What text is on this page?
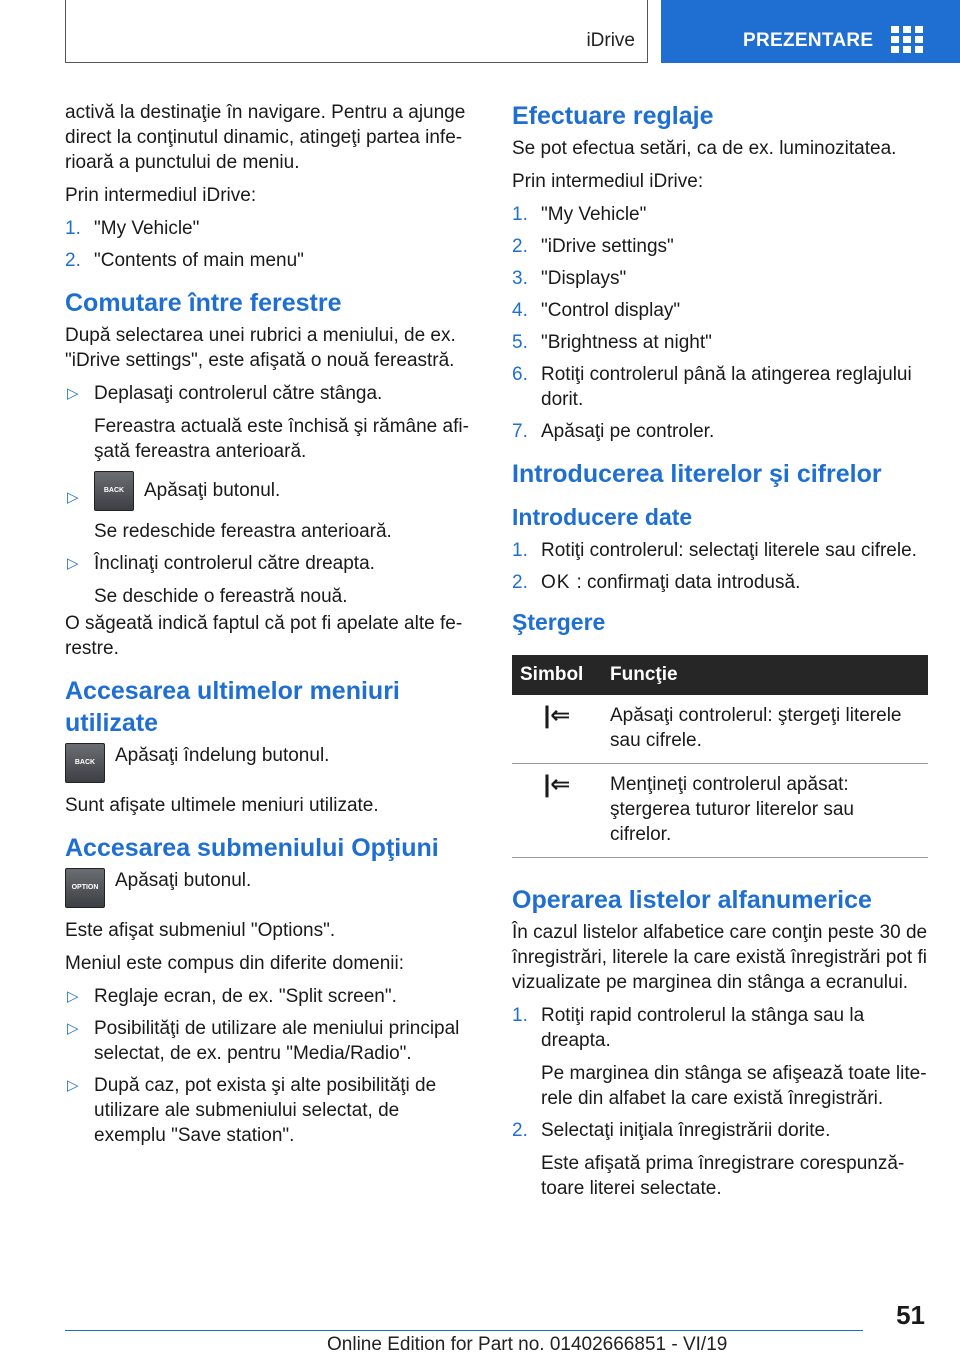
iDrive	PREZENTARE

activă la destinaţie în navigare. Pentru a ajunge direct la conţinutul dinamic, atingeţi partea inferioară a punctului de meniu.

Prin intermediul iDrive:

1. "My Vehicle"
2. "Contents of main menu"
Comutare între ferestre

După selectarea unei rubrici a meniului, de ex. "iDrive settings", este afişată o nouă fereastră.

▷ Deplasaţi controlerul către stânga.
Fereastra actuală este închisă şi rămâne afişată fereastra anterioară.
▷	BACK Apăsaţi butonul.
Se redeschide fereastra anterioară.
▷ Înclinaţi controlerul către dreapta.
Se deschide o fereastră nouă.

O săgeată indică faptul că pot fi apelate alte ferestre.

Accesarea ultimelor meniuri utilizate
BACK	Apăsaţi îndelung butonul.

Sunt afişate ultimele meniuri utilizate.

Accesarea submeniului Opţiuni
OPTION Apăsaţi butonul.

Este afişat submeniul "Options".

Meniul este compus din diferite domenii:

▷ Reglaje ecran, de ex. "Split screen".
▷ Posibilităţi de utilizare ale meniului principal selectat, de ex. pentru "Media/Radio".
▷ După caz, pot exista şi alte posibilităţi de utilizare ale submeniului selectat, de exemplu "Save station".
Efectuare reglaje

Se pot efectua setări, ca de ex. luminozitatea.

Prin intermediul iDrive:

1. "My Vehicle"
2. "iDrive settings"
3. "Displays"
4. "Control display"
5. "Brightness at night"
6. Rotiţi controlerul până la atingerea reglajului dorit.
7. Apăsaţi pe controler.
Introducerea literelor şi cifrelor
Introducere date
1. Rotiţi controlerul: selectaţi literele sau cifrele.
2. OK : confirmaţi data introdusă.
Ştergere
Simbol	Funcţie
|⇐	Apăsaţi controlerul: ştergeţi literele sau cifrele.
|⇐	Menţineţi controlerul apăsat: ştergerea tuturor literelor sau cifrelor.
Operarea listelor alfanumerice

În cazul listelor alfabetice care conţin peste 30 de înregistrări, literele la care există înregistrări pot fi vizualizate pe marginea din stânga a ecranului.

1. Rotiţi rapid controlerul la stânga sau la dreapta.
Pe marginea din stânga se afişează toate literele din alfabet la care există înregistrări.
2. Selectaţi iniţiala înregistrării dorite.
Este afişată prima înregistrare corespunzătoare literei selectate.
51
Online Edition for Part no. 01402666851 - VI/19
